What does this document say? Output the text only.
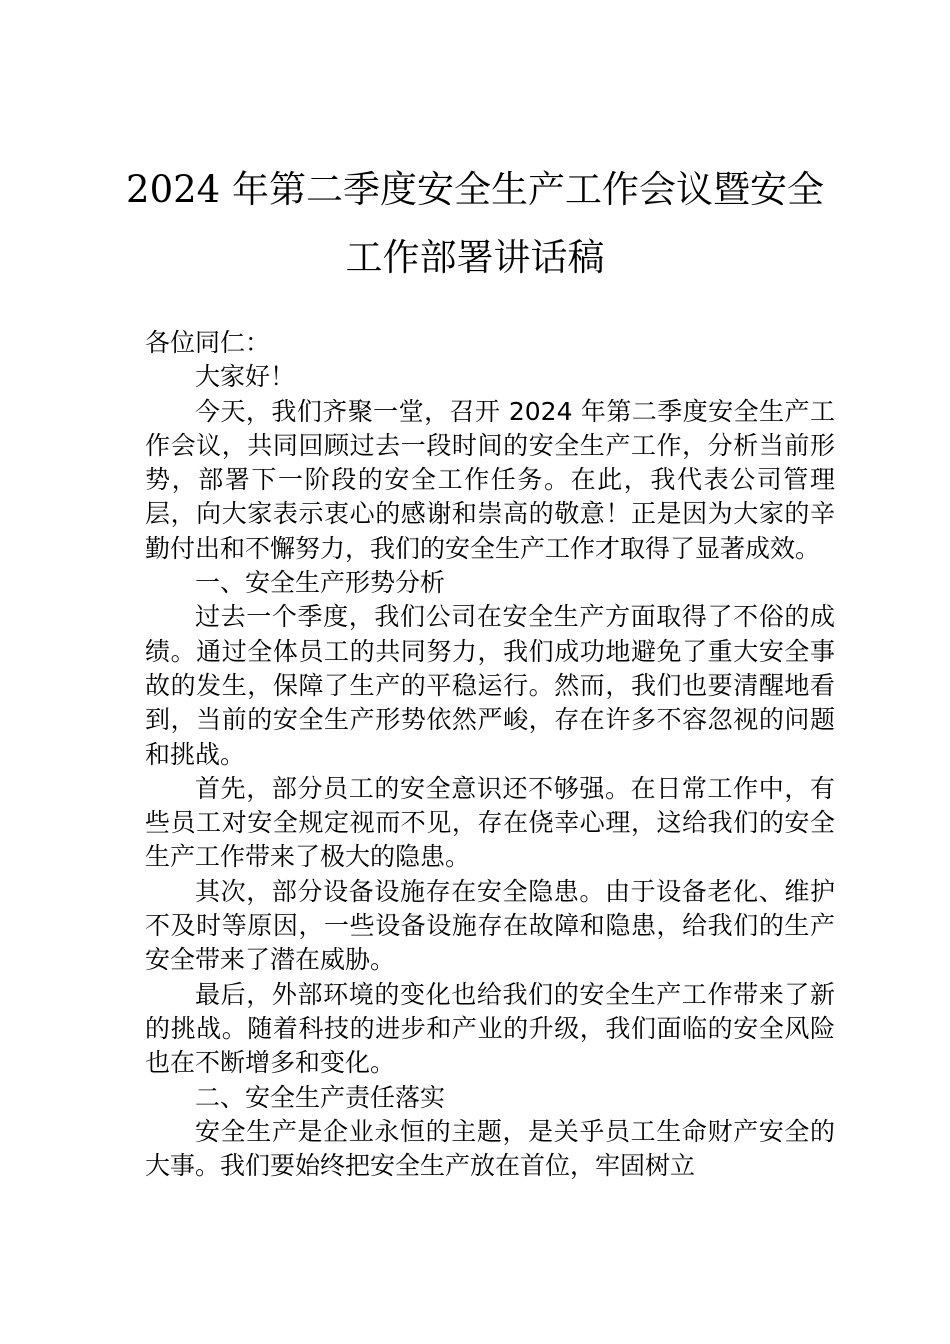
2024 年第二季度安全生产工作会议暨安全
工作部署讲话稿

各位同仁：

大家好！

今天，我们齐聚一堂，召开 2024 年第二季度安全生产工作会议，共同回顾过去一段时间的安全生产工作，分析当前形势，部署下一阶段的安全工作任务。在此，我代表公司管理层，向大家表示衷心的感谢和崇高的敬意！正是因为大家的辛勤付出和不懈努力，我们的安全生产工作才取得了显著成效。

一、安全生产形势分析

过去一个季度，我们公司在安全生产方面取得了不俗的成绩。通过全体员工的共同努力，我们成功地避免了重大安全事故的发生，保障了生产的平稳运行。然而，我们也要清醒地看到，当前的安全生产形势依然严峻，存在许多不容忽视的问题和挑战。

首先，部分员工的安全意识还不够强。在日常工作中，有些员工对安全规定视而不见，存在侥幸心理，这给我们的安全生产工作带来了极大的隐患。

其次，部分设备设施存在安全隐患。由于设备老化、维护不及时等原因，一些设备设施存在故障和隐患，给我们的生产安全带来了潜在威胁。

最后，外部环境的变化也给我们的安全生产工作带来了新的挑战。随着科技的进步和产业的升级，我们面临的安全风险也在不断增多和变化。

二、安全生产责任落实

安全生产是企业永恒的主题，是关乎员工生命财产安全的大事。我们要始终把安全生产放在首位，牢固树立
